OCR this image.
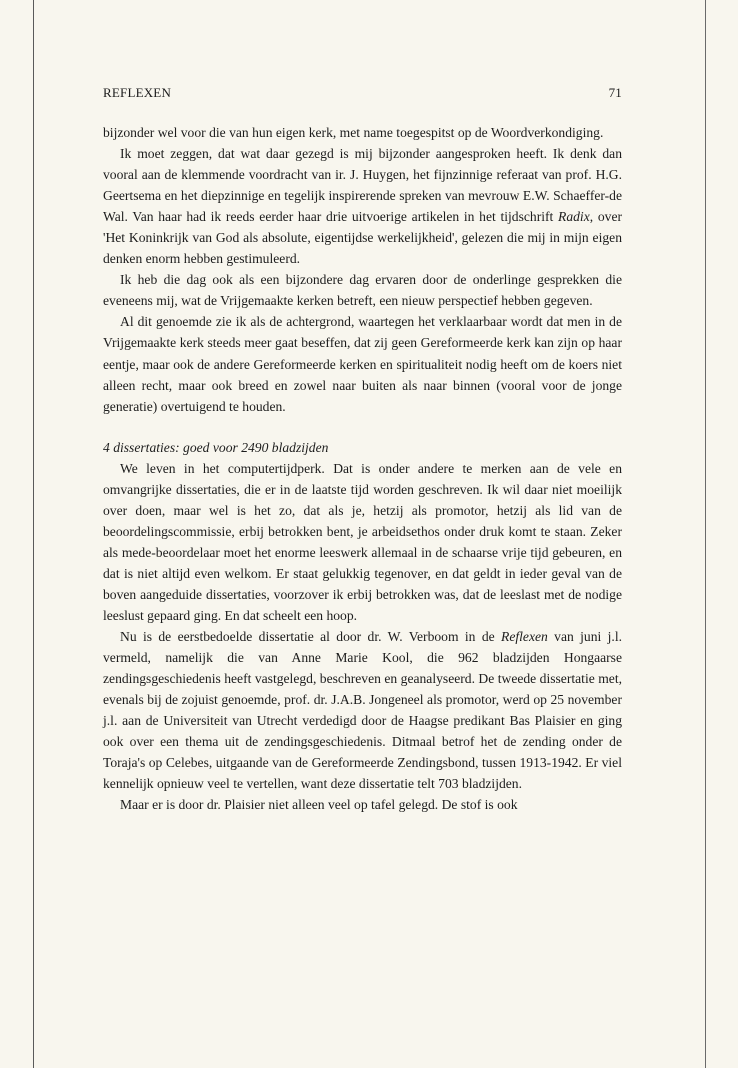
REFLEXEN	71

bijzonder wel voor die van hun eigen kerk, met name toegespitst op de Woordverkondiging.

Ik moet zeggen, dat wat daar gezegd is mij bijzonder aangesproken heeft. Ik denk dan vooral aan de klemmende voordracht van ir. J. Huygen, het fijnzinnige referaat van prof. H.G. Geertsema en het diepzinnige en tegelijk inspirerende spreken van mevrouw E.W. Schaeffer-de Wal. Van haar had ik reeds eerder haar drie uitvoerige artikelen in het tijdschrift Radix, over 'Het Koninkrijk van God als absolute, eigentijdse werkelijkheid', gelezen die mij in mijn eigen denken enorm hebben gestimuleerd.

Ik heb die dag ook als een bijzondere dag ervaren door de onderlinge gesprekken die eveneens mij, wat de Vrijgemaakte kerken betreft, een nieuw perspectief hebben gegeven.

Al dit genoemde zie ik als de achtergrond, waartegen het verklaarbaar wordt dat men in de Vrijgemaakte kerk steeds meer gaat beseffen, dat zij geen Gereformeerde kerk kan zijn op haar eentje, maar ook de andere Gereformeerde kerken en spiritualiteit nodig heeft om de koers niet alleen recht, maar ook breed en zowel naar buiten als naar binnen (vooral voor de jonge generatie) overtuigend te houden.

4 dissertaties: goed voor 2490 bladzijden

We leven in het computertijdperk. Dat is onder andere te merken aan de vele en omvangrijke dissertaties, die er in de laatste tijd worden geschreven. Ik wil daar niet moeilijk over doen, maar wel is het zo, dat als je, hetzij als promotor, hetzij als lid van de beoordelingscommissie, erbij betrokken bent, je arbeidsethos onder druk komt te staan. Zeker als mede-beoordelaar moet het enorme leeswerk allemaal in de schaarse vrije tijd gebeuren, en dat is niet altijd even welkom. Er staat gelukkig tegenover, en dat geldt in ieder geval van de boven aangeduide dissertaties, voorzover ik erbij betrokken was, dat de leeslast met de nodige leeslust gepaard ging. En dat scheelt een hoop.

Nu is de eerstbedoelde dissertatie al door dr. W. Verboom in de Reflexen van juni j.l. vermeld, namelijk die van Anne Marie Kool, die 962 bladzijden Hongaarse zendingsgeschiedenis heeft vastgelegd, beschreven en geanalyseerd. De tweede dissertatie met, evenals bij de zojuist genoemde, prof. dr. J.A.B. Jongeneel als promotor, werd op 25 november j.l. aan de Universiteit van Utrecht verdedigd door de Haagse predikant Bas Plaisier en ging ook over een thema uit de zendingsgeschiedenis. Ditmaal betrof het de zending onder de Toraja's op Celebes, uitgaande van de Gereformeerde Zendingsbond, tussen 1913-1942. Er viel kennelijk opnieuw veel te vertellen, want deze dissertatie telt 703 bladzijden.

Maar er is door dr. Plaisier niet alleen veel op tafel gelegd. De stof is ook
